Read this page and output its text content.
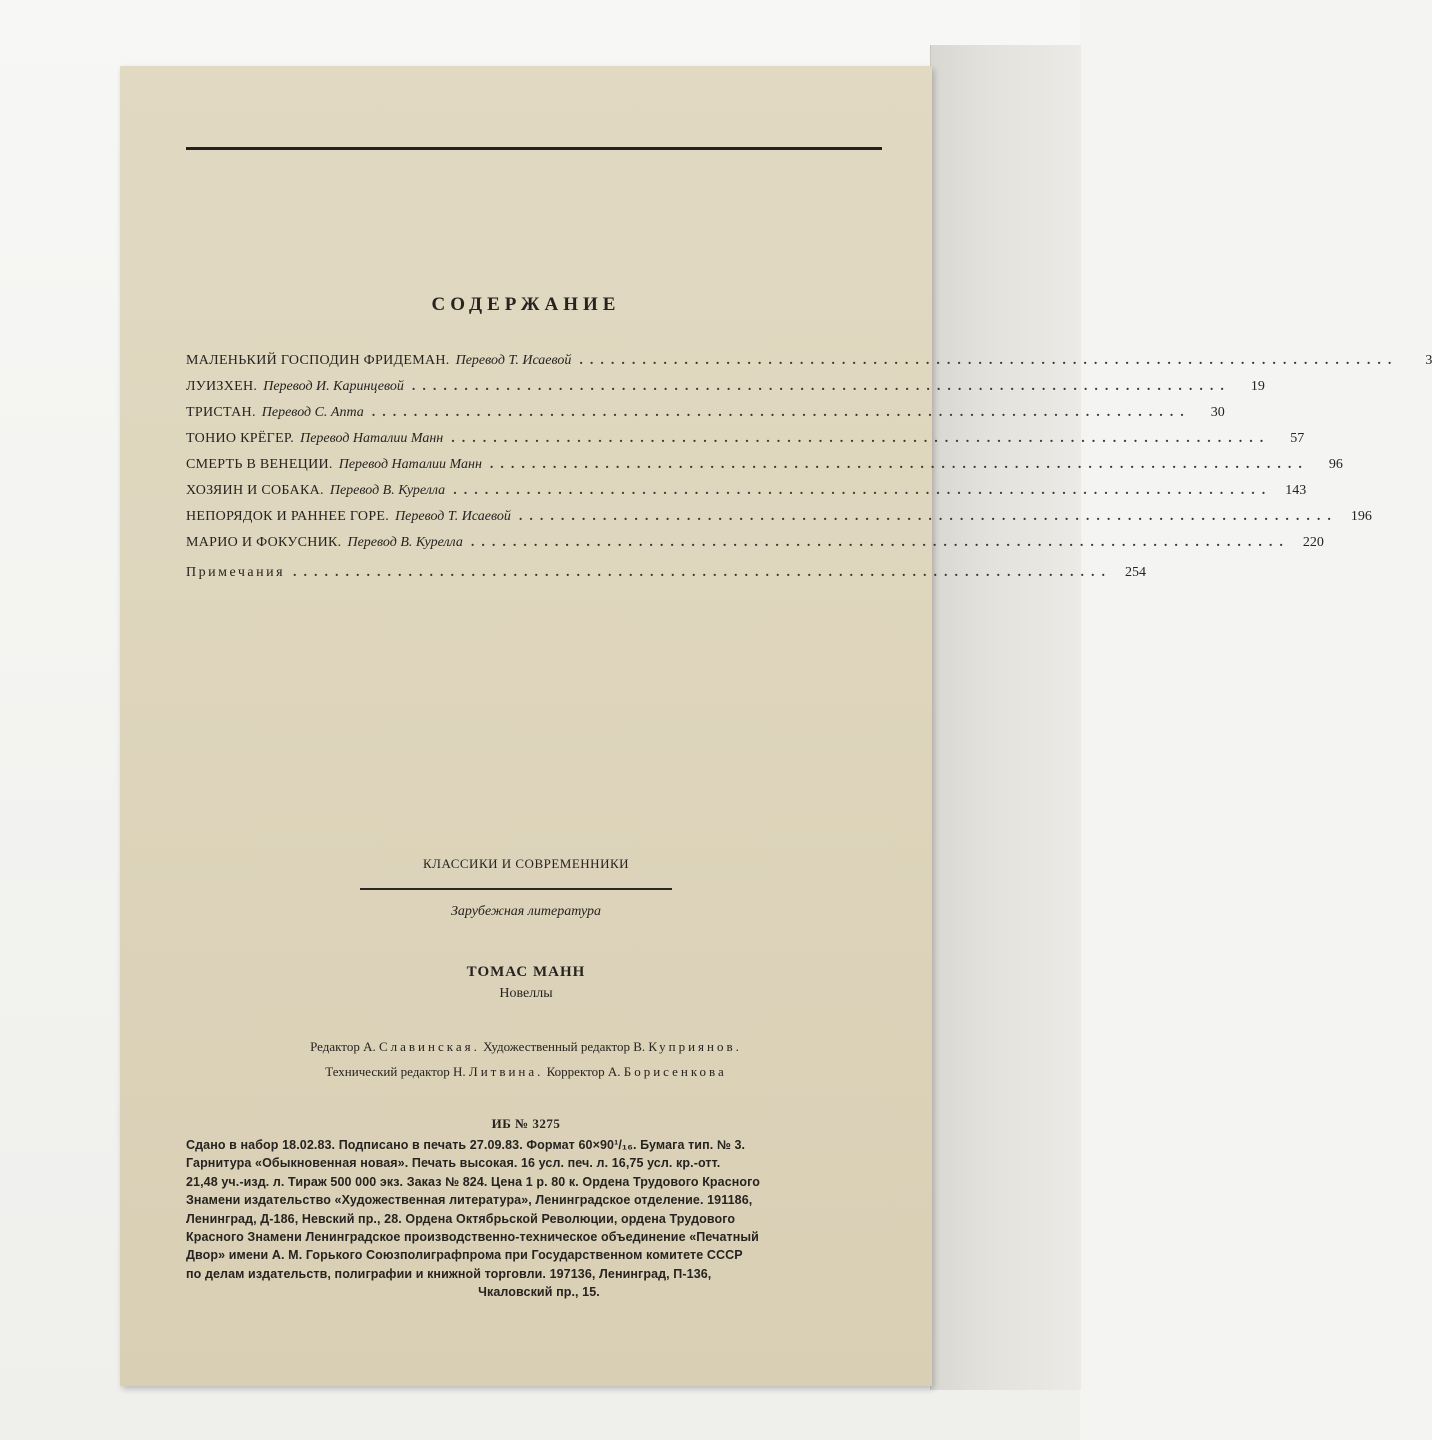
СОДЕРЖАНИЕ
МАЛЕНЬКИЙ ГОСПОДИН ФРИДЕМАН. Перевод Т. Исаевой ..............................................................................	3
ЛУИЗХЕН. Перевод И. Каринцевой ..............................................................................	19
ТРИСТАН. Перевод С. Апта ..............................................................................	30
ТОНИО КРЁГЕР. Перевод Наталии Манн ..............................................................................	57
СМЕРТЬ В ВЕНЕЦИИ. Перевод Наталии Манн ..............................................................................	96
ХОЗЯИН И СОБАКА. Перевод В. Курелла .............................................................................. 143
НЕПОРЯДОК И РАННЕЕ ГОРЕ. Перевод Т. Исаевой .............................................................................. 196
МАРИО И ФОКУСНИК. Перевод В. Курелла .............................................................................. 220
Примечания .............................................................................. 254
КЛАССИКИ И СОВРЕМЕННИКИ
Зарубежная литература
ТОМАС МАНН
Новеллы
Редактор А. Славинская. Художественный редактор В. Куприянов.
Технический редактор Н. Литвина. Корректор А. Борисенкова
ИБ № 3275
Сдано в набор 18.02.83. Подписано в печать 27.09.83. Формат 60×90¹/₁₆. Бумага тип. № 3.
Гарнитура «Обыкновенная новая». Печать высокая. 16 усл. печ. л. 16,75 усл. кр.-отт.
21,48 уч.-изд. л. Тираж 500 000 экз. Заказ № 824. Цена 1 р. 80 к. Ордена Трудового Красного
Знамени издательство «Художественная литература», Ленинградское отделение. 191186,
Ленинград, Д-186, Невский пр., 28. Ордена Октябрьской Революции, ордена Трудового
Красного Знамени Ленинградское производственно-техническое объединение «Печатный
Двор» имени А. М. Горького Союзполиграфпрома при Государственном комитете СССР
по делам издательств, полиграфии и книжной торговли. 197136, Ленинград, П-136,
Чкаловский пр., 15.
